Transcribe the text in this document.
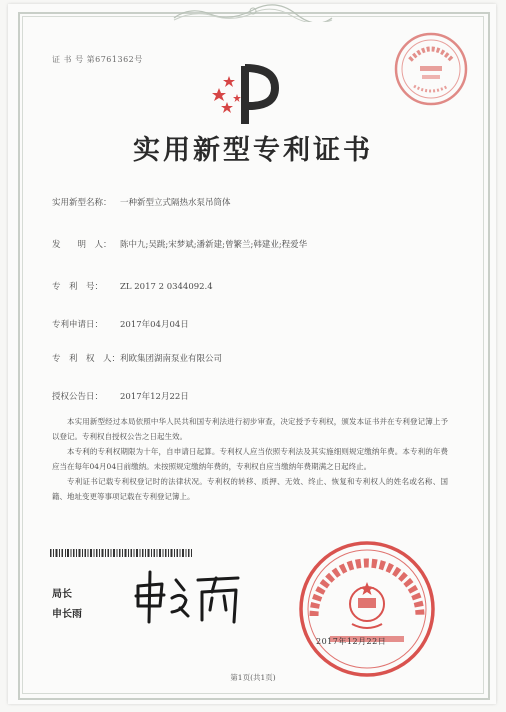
证 书 号 第6761362号
实用新型专利证书
实用新型名称： 一种新型立式隔热水泵吊筒体
发　　明　人： 陈中九;吴跳;宋梦斌;潘新建;曾繁兰;韩建业;程爱华
专　利　号： ZL 2017 2 0344092.4
专利申请日： 2017年04月04日
专　利　权　人：利欧集团湖南泵业有限公司
授权公告日： 2017年12月22日

本实用新型经过本局依照中华人民共和国专利法进行初步审查，决定授予专利权，颁发本证书并在专利登记簿上予以登记。专利权自授权公告之日起生效。

本专利的专利权期限为十年，自申请日起算。专利权人应当依照专利法及其实施细则规定缴纳年费。本专利的年费应当在每年04月04日前缴纳。未按照规定缴纳年费的，专利权自应当缴纳年费期满之日起终止。

专利证书记载专利权登记时的法律状况。专利权的转移、质押、无效、终止、恢复和专利权人的姓名或名称、国籍、地址变更等事项记载在专利登记簿上。

局长
申长雨
2017年12月22日
第1页(共1页)
